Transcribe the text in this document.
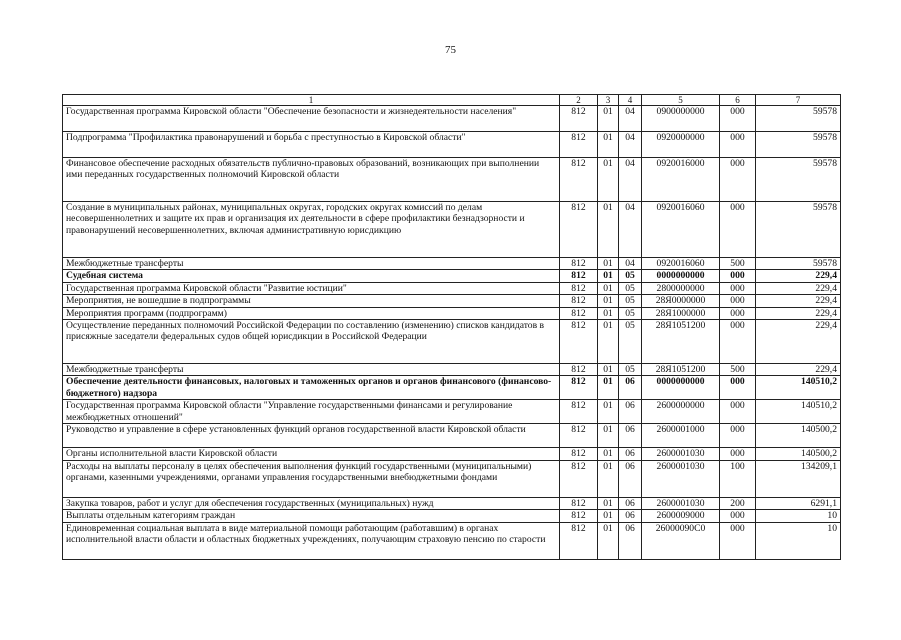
75
1	2	3	4	5	6	7
Государственная программа Кировской области "Обеспечение безопасности и жизнедеятельности населения"	812	01	04	0900000000	000	59578
Подпрограмма "Профилактика правонарушений и борьба с преступностью в Кировской области"	812	01	04	0920000000	000	59578
Финансовое обеспечение расходных обязательств публично-правовых образований, возникающих при выполнении ими переданных государственных полномочий Кировской области	812	01	04	0920016000	000	59578
Создание в муниципальных районах, муниципальных округах, городских округах комиссий по делам несовершеннолетних и защите их прав и организация их деятельности в сфере профилактики безнадзорности и правонарушений несовершеннолетних, включая административную юрисдикцию	812	01	04	0920016060	000	59578
Межбюджетные трансферты	812	01	04	0920016060	500	59578
Судебная система	812	01	05	0000000000	000	229,4
Государственная программа Кировской области "Развитие юстиции"	812	01	05	2800000000	000	229,4
Мероприятия, не вошедшие в подпрограммы	812	01	05	28Я0000000	000	229,4
Мероприятия программ (подпрограмм)	812	01	05	28Я1000000	000	229,4
Осуществление переданных полномочий Российской Федерации по составлению (изменению) списков кандидатов в присяжные заседатели федеральных судов общей юрисдикции в Российской Федерации	812	01	05	28Я1051200	000	229,4
Межбюджетные трансферты	812	01	05	28Я1051200	500	229,4
Обеспечение деятельности финансовых, налоговых и таможенных органов и органов финансового (финансово-бюджетного) надзора	812	01	06	0000000000	000	140510,2
Государственная программа Кировской области "Управление государственными финансами и регулирование межбюджетных отношений"	812	01	06	2600000000	000	140510,2
Руководство и управление в сфере установленных функций органов государственной власти Кировской области	812	01	06	2600001000	000	140500,2
Органы исполнительной власти Кировской области	812	01	06	2600001030	000	140500,2
Расходы на выплаты персоналу в целях обеспечения выполнения функций государственными (муниципальными) органами, казенными учреждениями, органами управления государственными внебюджетными фондами	812	01	06	2600001030	100	134209,1
Закупка товаров, работ и услуг для обеспечения государственных (муниципальных) нужд	812	01	06	2600001030	200	6291,1
Выплаты отдельным категориям граждан	812	01	06	2600009000	000	10
Единовременная социальная выплата в виде материальной помощи работающим (работавшим) в органах исполнительной власти области и областных бюджетных учреждениях, получающим страховую пенсию по старости	812	01	06	26000090С0	000	10
